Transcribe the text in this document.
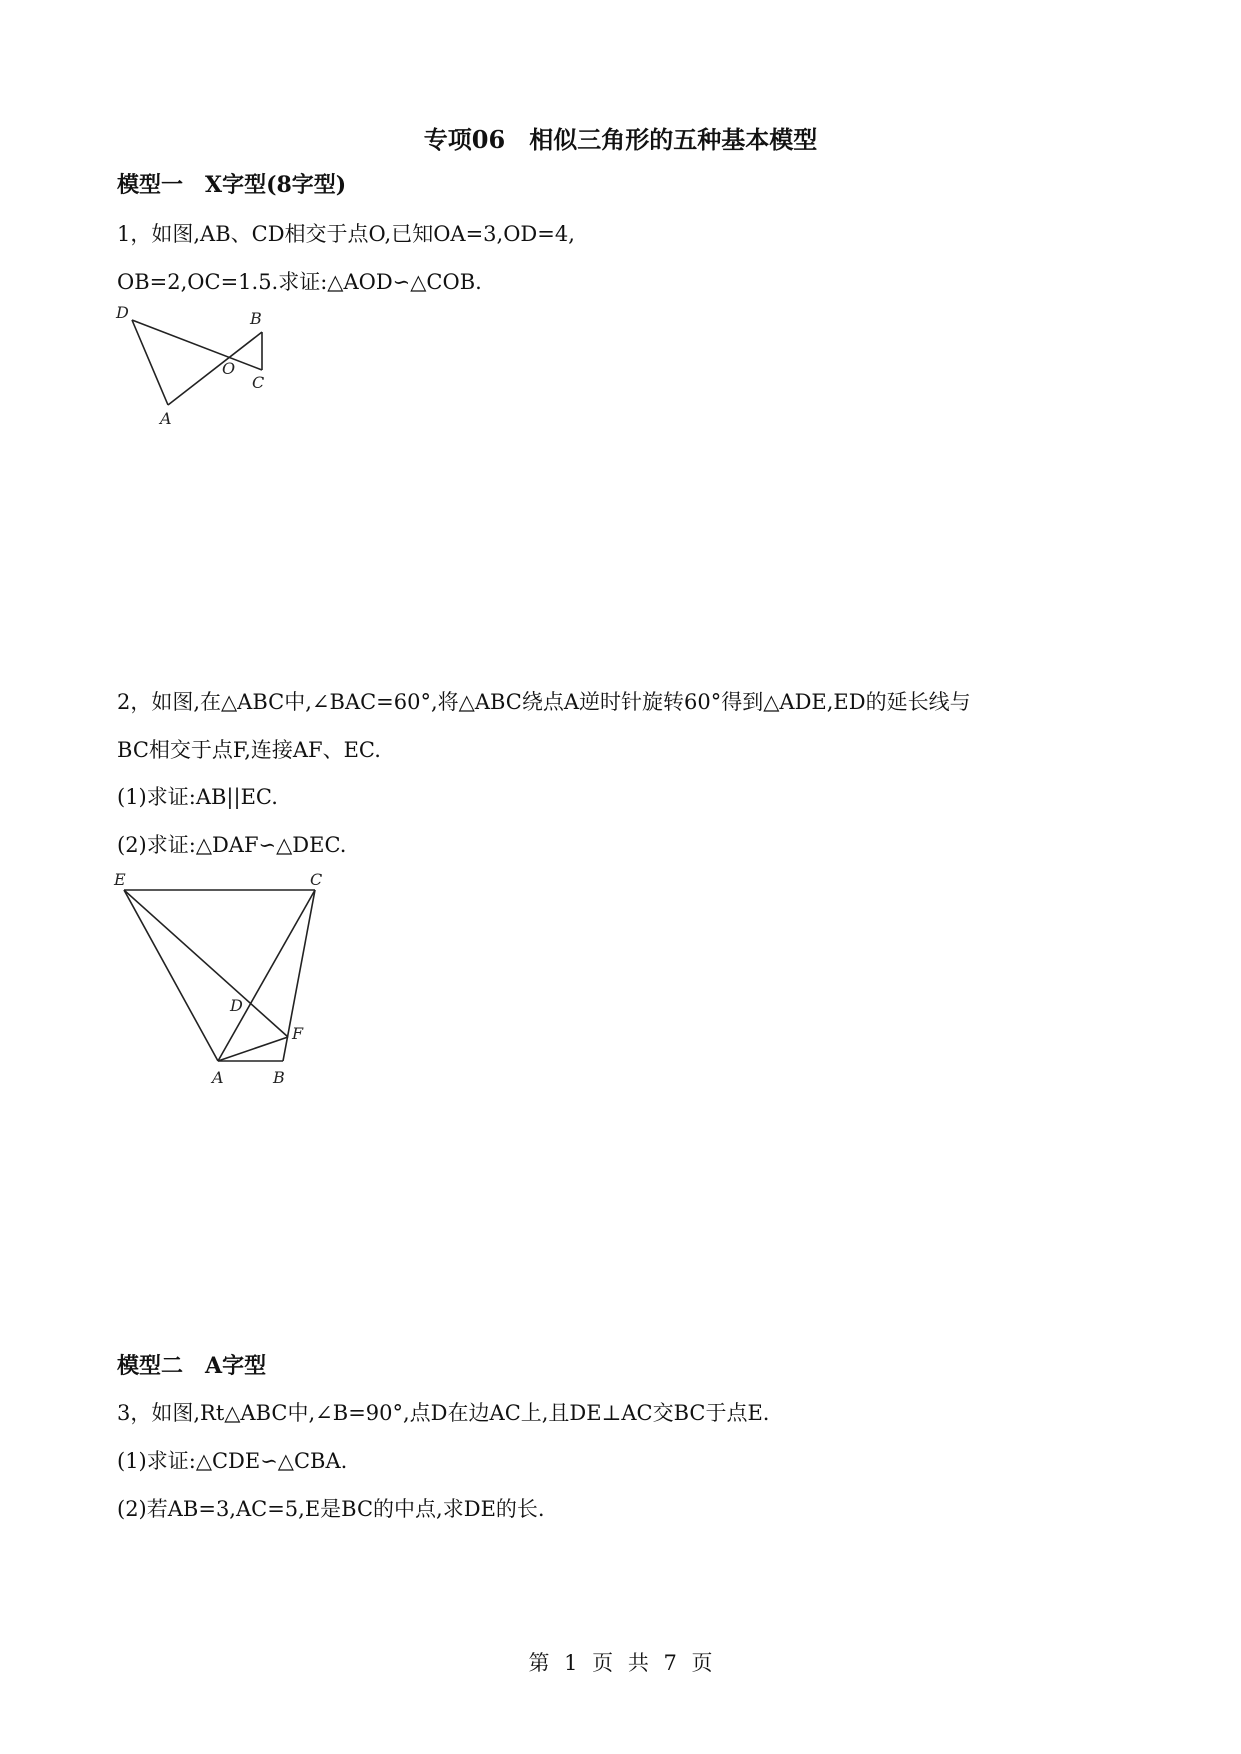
专项06　相似三角形的五种基本模型
模型一　X字型(8字型)
1，如图,AB、CD相交于点O,已知OA=3,OD=4,
OB=2,OC=1.5.求证:△AOD∽△COB.
D	B
O
C
A
2，如图,在△ABC中,∠BAC=60°,将△ABC绕点A逆时针旋转60°得到△ADE,ED的延长线与
BC相交于点F,连接AF、EC.
(1)求证:AB||EC.
(2)求证:△DAF∽△DEC.
E	C
D
F
A	B
模型二　A字型
3，如图,Rt△ABC中,∠B=90°,点D在边AC上,且DE⊥AC交BC于点E.
(1)求证:△CDE∽△CBA.
(2)若AB=3,AC=5,E是BC的中点,求DE的长.
第 1 页 共 7 页
